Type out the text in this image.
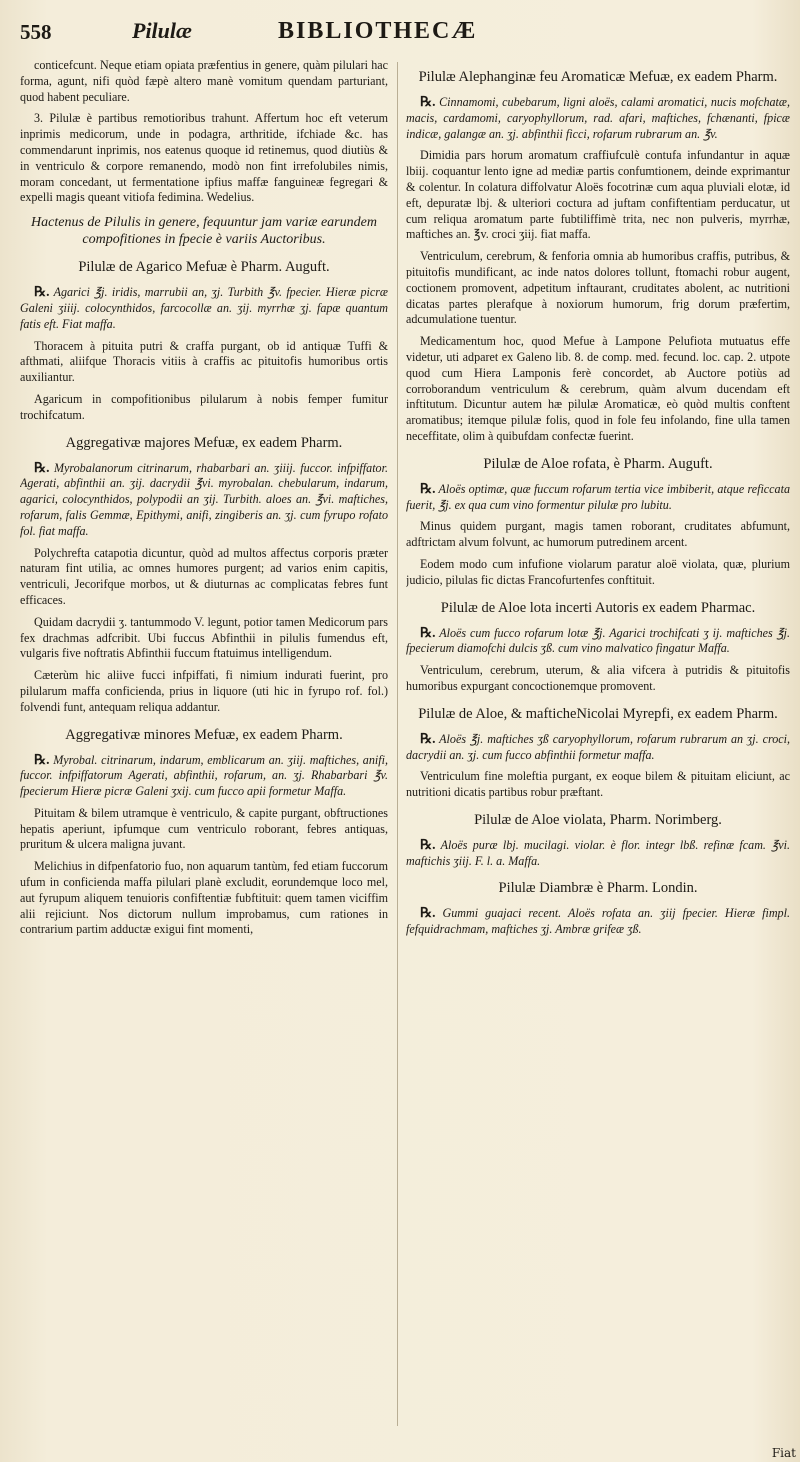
558	Pilulæ	BIBLIOTHECÆ

conticefcunt. Neque etiam opiata præfentius in genere, quàm pilulari hac forma, agunt, nifi quòd fæpè altero manè vomitum quendam parturiant, quod habent peculiare.

3. Pilulæ è partibus remotioribus trahunt. Affertum hoc eft veterum inprimis medicorum, unde in podagra, arthritide, ifchiade &c. has commendarunt inprimis, nos eatenus quoque id retinemus, quod diutiùs & in ventriculo & corpore remanendo, modò non fint irrefolubiles nimis, moram concedant, ut fermentatione ipfius maffæ fanguineæ fegregari & expelli magis queant vitiofa fedimina. Wedelius.

Hactenus de Pilulis in genere, fequuntur jam variæ earundem compofitiones in fpecie è variis Auctoribus.
Pilulæ de Agarico Mefuæ è Pharm. Auguft.

℞. Agarici ℥j. iridis, marrubii an, ʒj. Turbith ℥v. fpecier. Hieræ picræ Galeni ʒiiij. colocynthidos, farcocollæ an. ʒij. myrrhæ ʒj. fapæ quantum fatis eft. Fiat maffa.

Thoracem à pituita putri & craffa purgant, ob id antiquæ Tuffi & afthmati, aliifque Thoracis vitiis à craffis ac pituitofis humoribus ortis auxiliantur.

Agaricum in compofitionibus pilularum à nobis femper fumitur trochifcatum.

Aggregativæ majores Mefuæ, ex eadem Pharm.

℞. Myrobalanorum citrinarum, rhabarbari an. ʒiiij. fuccor. infpiffator. Agerati, abfinthii an. ʒij. dacrydii ℥vi. myrobalan. chebularum, indarum, agarici, colocynthidos, polypodii an ʒij. Turbith. aloes an. ℥vi. maftiches, rofarum, falis Gemmæ, Epithymi, anifi, zingiberis an. ʒj. cum fyrupo rofato fol. fiat maffa.

Polychrefta catapotia dicuntur, quòd ad multos affectus corporis præter naturam fint utilia, ac omnes humores purgent; ad varios enim capitis, ventriculi, Jecorifque morbos, ut & diuturnas ac complicatas febres funt efficaces.

Quidam dacrydii ʒ. tantummodo V. legunt, potior tamen Medicorum pars fex drachmas adfcribit. Ubi fuccus Abfinthii in pilulis fumendus eft, vulgaris five noftratis Abfinthii fuccum ftatuimus intelligendum.

Cæterùm hic aliive fucci infpiffati, fi nimium indurati fuerint, pro pilularum maffa conficienda, prius in liquore (uti hic in fyrupo rof. fol.) folvendi funt, antequam reliqua addantur.

Aggregativæ minores Mefuæ, ex eadem Pharm.

℞. Myrobal. citrinarum, indarum, emblicarum an. ʒiij. maftiches, anifi, fuccor. infpiffatorum Agerati, abfinthii, rofarum, an. ʒj. Rhabarbari ℥v. fpecierum Hieræ picræ Galeni ʒxij. cum fucco apii formetur Maffa.

Pituitam & bilem utramque è ventriculo, & capite purgant, obftructiones hepatis aperiunt, ipfumque cum ventriculo roborant, febres antiquas, pruritum & ulcera maligna juvant.

Melichius in difpenfatorio fuo, non aquarum tantùm, fed etiam fuccorum ufum in conficienda maffa pilulari planè excludit, eorundemque loco mel, aut fyrupum aliquem tenuioris confiftentiæ fubftituit: quem tamen viciffim alii rejiciunt. Nos dictorum nullum improbamus, cum rationes in contrarium partim adductæ exigui fint momenti,

Pilulæ Alephanginæ feu Aromaticæ Mefuæ, ex eadem Pharm.

℞. Cinnamomi, cubebarum, ligni aloës, calami aromatici, nucis mofchatæ, macis, cardamomi, caryophyllorum, rad. afari, maftiches, fchænanti, fpicæ indicæ, galangæ an. ʒj. abfinthii ficci, rofarum rubrarum an. ℥v.

Dimidia pars horum aromatum craffiufculè contufa infundantur in aquæ lbiij. coquantur lento igne ad mediæ partis confumtionem, deinde exprimantur & colentur. In colatura diffolvatur Aloës focotrinæ cum aqua pluviali elotæ, id eft, depuratæ lbj. & ulteriori coctura ad juftam confiftentiam perducatur, ut cum reliqua aromatum parte fubtiliffimè trita, nec non pulveris, myrrhæ, maftiches an. ℥v. croci ʒiij. fiat maffa.

Ventriculum, cerebrum, & fenforia omnia ab humoribus craffis, putribus, & pituitofis mundificant, ac inde natos dolores tollunt, ftomachi robur augent, coctionem promovent, adpetitum inftaurant, cruditates abolent, ac nutritioni dicatas partes plerafque à noxiorum humorum, frig dorum præfertim, adcumulatione tuentur.

Medicamentum hoc, quod Mefue à Lampone Pelufiota mutuatus effe videtur, uti adparet ex Galeno lib. 8. de comp. med. fecund. loc. cap. 2. utpote quod cum Hiera Lamponis ferè concordet, ab Auctore potiùs ad corroborandum ventriculum & cerebrum, quàm alvum ducendam eft inftitutum. Dicuntur autem hæ pilulæ Aromaticæ, eò quòd multis conftent aromatibus; itemque pilulæ folis, quod in fole feu infolando, fine ulla tamen neceffitate, olim à quibufdam confectæ fuerint.

Pilulæ de Aloe rofata, è Pharm. Auguft.

℞. Aloës optimæ, quæ fuccum rofarum tertia vice imbiberit, atque reficcata fuerit, ℥j. ex qua cum vino formentur pilulæ pro lubitu.

Minus quidem purgant, magis tamen roborant, cruditates abfumunt, adftrictam alvum folvunt, ac humorum putredinem arcent.

Eodem modo cum infufione violarum paratur aloë violata, quæ, plurium judicio, pilulas fic dictas Francofurtenfes conftituit.

Pilulæ de Aloe lota incerti Autoris ex eadem Pharmac.

℞. Aloës cum fucco rofarum lotæ ℥j. Agarici trochifcati ʒ ij. maftiches ℥j. fpecierum diamofchi dulcis ʒß. cum vino malvatico fingatur Maffa.

Ventriculum, cerebrum, uterum, & alia vifcera à putridis & pituitofis humoribus expurgant concoctionemque promovent.

Pilulæ de Aloe, & mafticheNicolai Myrepfi, ex eadem Pharm.

℞. Aloës ℥j. maftiches ʒß caryophyllorum, rofarum rubrarum an ʒj. croci, dacrydii an. ʒj. cum fucco abfinthii formetur maffa.

Ventriculum fine moleftia purgant, ex eoque bilem & pituitam eliciunt, ac nutritioni dicatis partibus robur præftant.

Pilulæ de Aloe violata, Pharm. Norimberg.

℞. Aloës puræ lbj. mucilagi. violar. è flor. integr lbß. refinæ fcam. ℥vi. maftichis ʒiij. F. l. a. Maffa.

Pilulæ Diambræ è Pharm. Londin.

℞. Gummi guajaci recent. Aloës rofata an. ʒiij fpecier. Hieræ fimpl. fefquidrachmam, maftiches ʒj. Ambræ grifeæ ʒß.

Fiat
